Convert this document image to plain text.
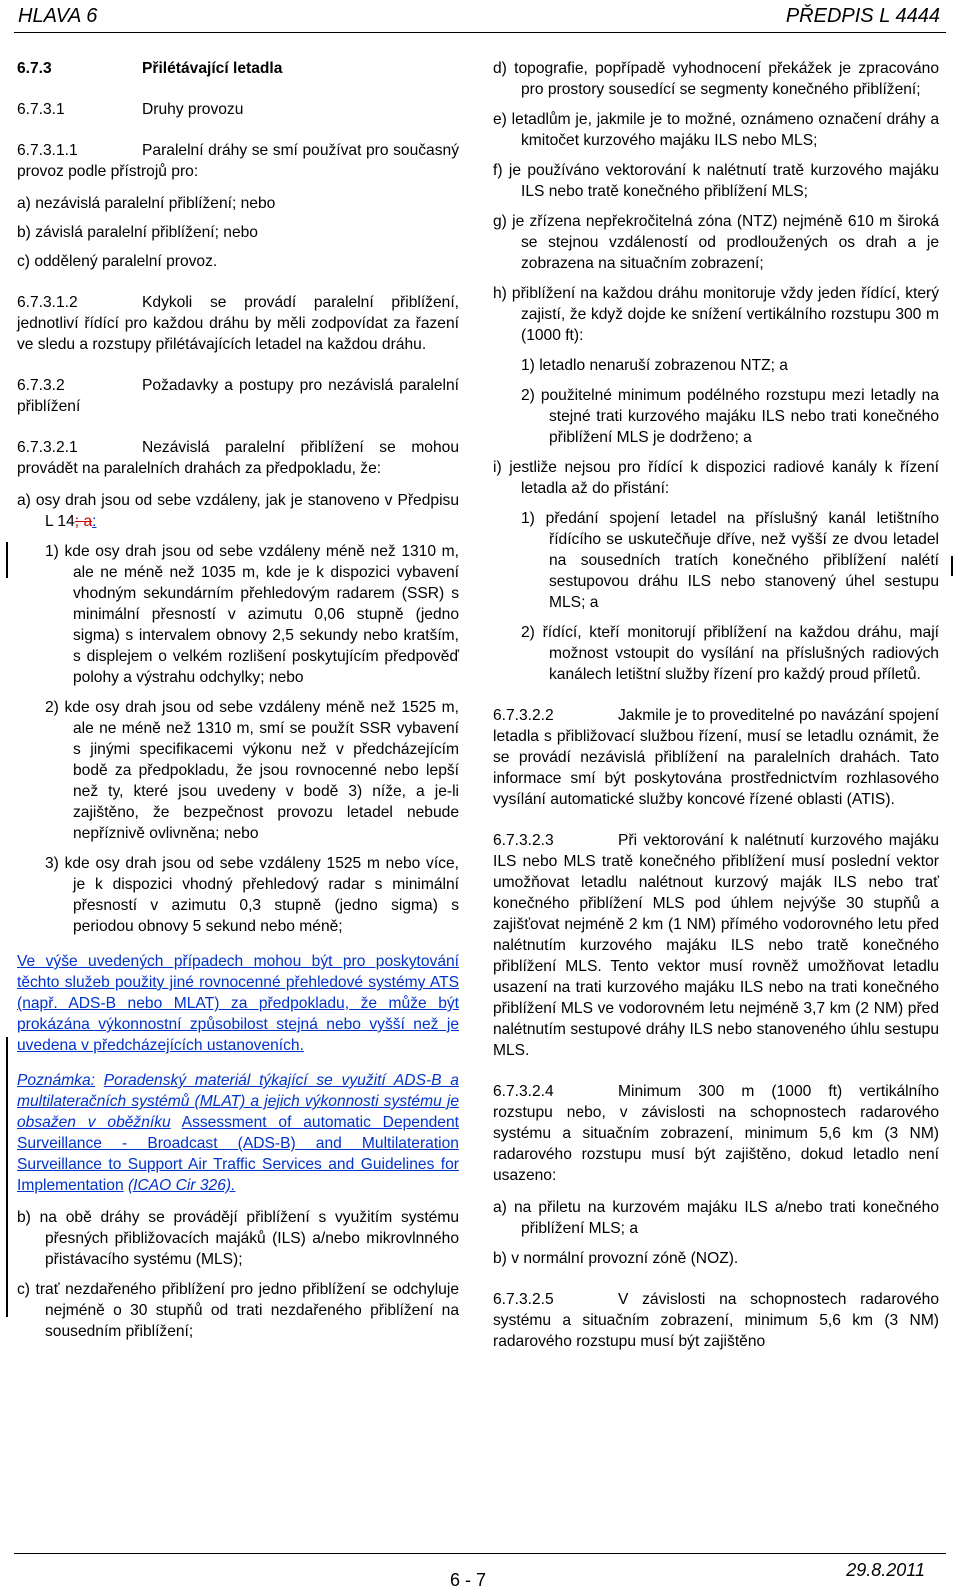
HLAVA 6	PŘEDPIS L 4444

6.7.3	Přilétávající letadla

6.7.3.1	Druhy provozu

6.7.3.1.1	Paralelní dráhy se smí používat pro současný provoz podle přístrojů pro:

a) nezávislá paralelní přiblížení; nebo

b) závislá paralelní přiblížení; nebo

c) oddělený paralelní provoz.

6.7.3.1.2	Kdykoli se provádí paralelní přiblížení, jednotliví řídící pro každou dráhu by měli zodpovídat za řazení ve sledu a rozstupy přilétávajících letadel na každou dráhu.

6.7.3.2	Požadavky a postupy pro nezávislá paralelní přiblížení

6.7.3.2.1	Nezávislá paralelní přiblížení se mohou provádět na paralelních drahách za předpokladu, že:

a) osy drah jsou od sebe vzdáleny, jak je stanoveno v Předpisu L 14; a:

1) kde osy drah jsou od sebe vzdáleny méně než 1310 m, ale ne méně než 1035 m, kde je k dispozici vybavení vhodným sekundárním přehledovým radarem (SSR) s minimální přesností v azimutu 0,06 stupně (jedno sigma) s intervalem obnovy 2,5 sekundy nebo kratším, s displejem o velkém rozlišení poskytujícím předpověď polohy a výstrahu odchylky; nebo

2) kde osy drah jsou od sebe vzdáleny méně než 1525 m, ale ne méně než 1310 m, smí se použít SSR vybavení s jinými specifikacemi výkonu než v předcházejícím bodě za předpokladu, že jsou rovnocenné nebo lepší než ty, které jsou uvedeny v bodě 3) níže, a je-li zajištěno, že bezpečnost provozu letadel nebude nepříznivě ovlivněna; nebo

3) kde osy drah jsou od sebe vzdáleny 1525 m nebo více, je k dispozici vhodný přehledový radar s minimální přesností v azimutu 0,3 stupně (jedno sigma) s periodou obnovy 5 sekund nebo méně;

Ve výše uvedených případech mohou být pro poskytování těchto služeb použity jiné rovnocenné přehledové systémy ATS (např. ADS-B nebo MLAT) za předpokladu, že může být prokázána výkonnostní způsobilost stejná nebo vyšší než je uvedena v předcházejících ustanoveních.

Poznámka: Poradenský materiál týkající se využití ADS-B a multilateračních systémů (MLAT) a jejich výkonnosti systému je obsažen v oběžníku Assessment of automatic Dependent Surveillance - Broadcast (ADS-B) and Multilateration Surveillance to Support Air Traffic Services and Guidelines for Implementation (ICAO Cir 326).

b) na obě dráhy se provádějí přiblížení s využitím systému přesných přibližovacích majáků (ILS) a/nebo mikrovlnného přistávacího systému (MLS);

c) trať nezdařeného přiblížení pro jedno přiblížení se odchyluje nejméně o 30 stupňů od trati nezdařeného přiblížení na sousedním přiblížení;

d) topografie, popřípadě vyhodnocení překážek je zpracováno pro prostory sousedící se segmenty konečného přiblížení;

e) letadlům je, jakmile je to možné, oznámeno označení dráhy a kmitočet kurzového majáku ILS nebo MLS;

f) je používáno vektorování k nalétnutí tratě kurzového majáku ILS nebo tratě konečného přiblížení MLS;

g) je zřízena nepřekročitelná zóna (NTZ) nejméně 610 m široká se stejnou vzdáleností od prodloužených os drah a je zobrazena na situačním zobrazení;

h) přiblížení na každou dráhu monitoruje vždy jeden řídící, který zajistí, že když dojde ke snížení vertikálního rozstupu 300 m (1000 ft):

1) letadlo nenaruší zobrazenou NTZ; a

2) použitelné minimum podélného rozstupu mezi letadly na stejné trati kurzového majáku ILS nebo trati konečného přiblížení MLS je dodrženo; a

i) jestliže nejsou pro řídící k dispozici radiové kanály k řízení letadla až do přistání:

1) předání spojení letadel na příslušný kanál letištního řídícího se uskutečňuje dříve, než vyšší ze dvou letadel na sousedních tratích konečného přiblížení nalétí sestupovou dráhu ILS nebo stanovený úhel sestupu MLS; a

2) řídící, kteří monitorují přiblížení na každou dráhu, mají možnost vstoupit do vysílání na příslušných radiových kanálech letištní služby řízení pro každý proud příletů.

6.7.3.2.2	Jakmile je to proveditelné po navázání spojení letadla s přibližovací službou řízení, musí se letadlu oznámit, že se provádí nezávislá přiblížení na paralelních drahách. Tato informace smí být poskytována prostřednictvím rozhlasového vysílání automatické služby koncové řízené oblasti (ATIS).

6.7.3.2.3	Při vektorování k nalétnutí kurzového majáku ILS nebo MLS tratě konečného přiblížení musí poslední vektor umožňovat letadlu nalétnout kurzový maják ILS nebo trať konečného přiblížení MLS pod úhlem nejvýše 30 stupňů a zajišťovat nejméně 2 km (1 NM) přímého vodorovného letu před nalétnutím kurzového majáku ILS nebo tratě konečného přiblížení MLS. Tento vektor musí rovněž umožňovat letadlu usazení na trati kurzového majáku ILS nebo na trati konečného přiblížení MLS ve vodorovném letu nejméně 3,7 km (2 NM) před nalétnutím sestupové dráhy ILS nebo stanoveného úhlu sestupu MLS.

6.7.3.2.4	Minimum 300 m (1000 ft) vertikálního rozstupu nebo, v závislosti na schopnostech radarového systému a situačním zobrazení, minimum 5,6 km (3 NM) radarového rozstupu musí být zajištěno, dokud letadlo není usazeno:

a) na přiletu na kurzovém majáku ILS a/nebo trati konečného přiblížení MLS; a

b) v normální provozní zóně (NOZ).

6.7.3.2.5	V závislosti na schopnostech radarového systému a situačním zobrazení, minimum 5,6 km (3 NM) radarového rozstupu musí být zajištěno

29.8.2011
6 - 7
